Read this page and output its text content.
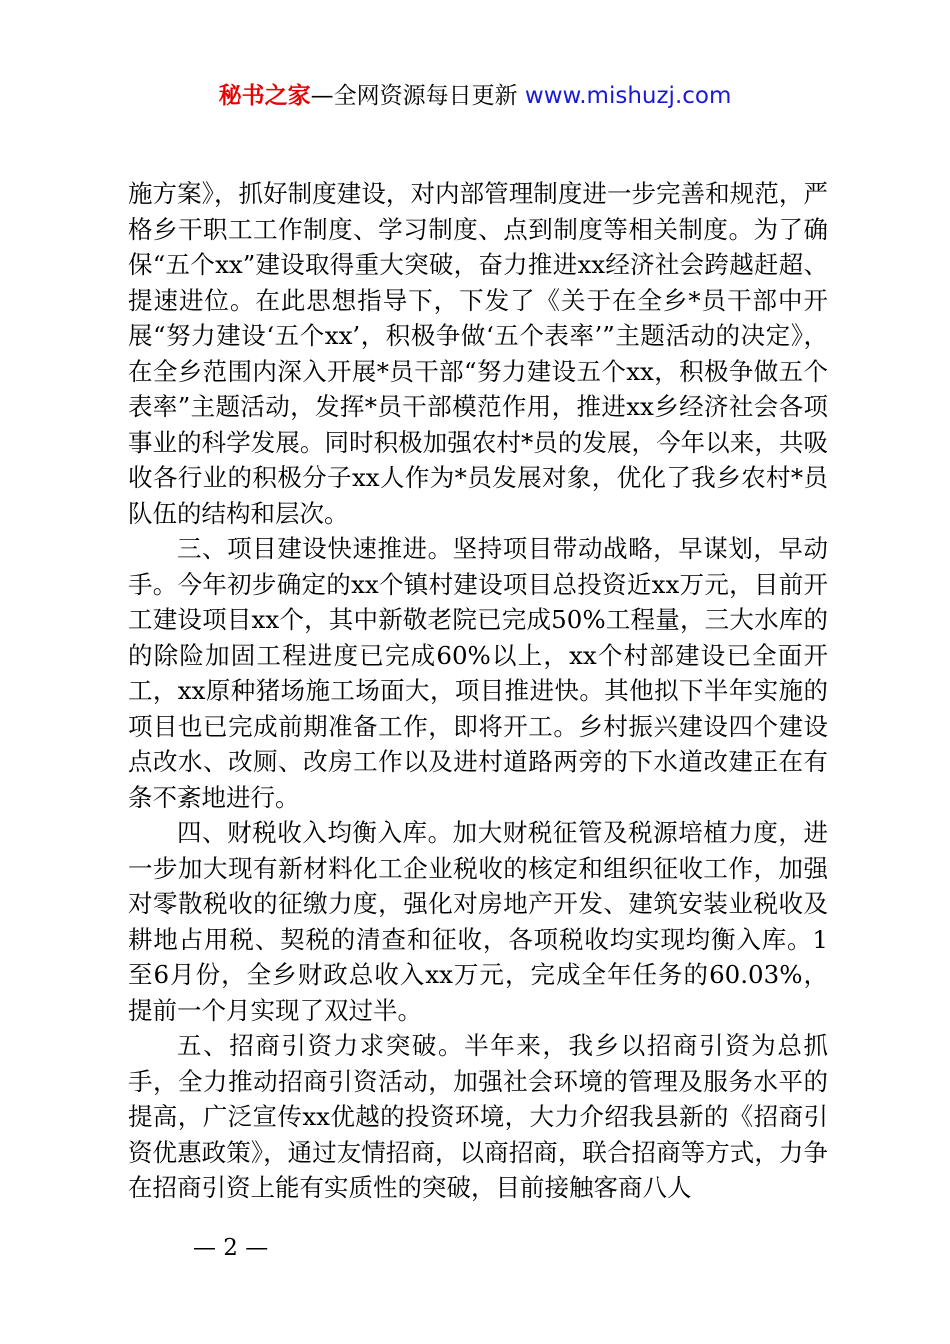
秘书之家—全网资源每日更新 www.mishuzj.com

施方案》，抓好制度建设，对内部管理制度进一步完善和规范，严格乡干职工工作制度、学习制度、点到制度等相关制度。为了确保“五个xx”建设取得重大突破，奋力推进xx经济社会跨越赶超、提速进位。在此思想指导下，下发了《关于在全乡*员干部中开展“努力建设‘五个xx’，积极争做‘五个表率’”主题活动的决定》，在全乡范围内深入开展*员干部“努力建设五个xx，积极争做五个表率”主题活动，发挥*员干部模范作用，推进xx乡经济社会各项事业的科学发展。同时积极加强农村*员的发展，今年以来，共吸收各行业的积极分子xx人作为*员发展对象，优化了我乡农村*员队伍的结构和层次。

三、项目建设快速推进。坚持项目带动战略，早谋划，早动手。今年初步确定的xx个镇村建设项目总投资近xx万元，目前开工建设项目xx个，其中新敬老院已完成50%工程量，三大水库的的除险加固工程进度已完成60%以上，xx个村部建设已全面开工，xx原种猪场施工场面大，项目推进快。其他拟下半年实施的项目也已完成前期准备工作，即将开工。乡村振兴建设四个建设点改水、改厕、改房工作以及进村道路两旁的下水道改建正在有条不紊地进行。

四、财税收入均衡入库。加大财税征管及税源培植力度，进一步加大现有新材料化工企业税收的核定和组织征收工作，加强对零散税收的征缴力度，强化对房地产开发、建筑安装业税收及耕地占用税、契税的清查和征收，各项税收均实现均衡入库。1至6月份，全乡财政总收入xx万元，完成全年任务的60.03%，提前一个月实现了双过半。

五、招商引资力求突破。半年来，我乡以招商引资为总抓手，全力推动招商引资活动，加强社会环境的管理及服务水平的提高，广泛宣传xx优越的投资环境，大力介绍我县新的《招商引资优惠政策》，通过友情招商，以商招商，联合招商等方式，力争在招商引资上能有实质性的突破，目前接触客商八人

— 2 —
